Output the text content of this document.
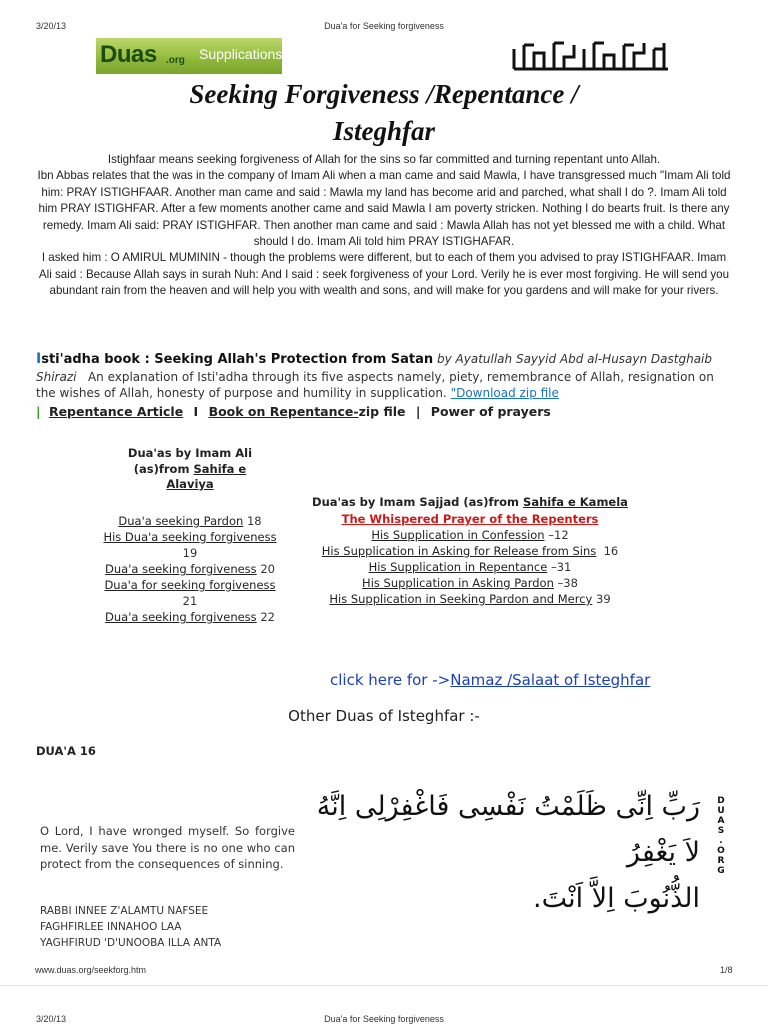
3/20/13	Dua'a for Seeking forgiveness
Duas .org Supplications
Seeking Forgiveness /Repentance /
Isteghfar

Istighfaar means seeking forgiveness of Allah for the sins so far committed and turning repentant unto Allah.

Ibn Abbas relates that the was in the company of Imam Ali when a man came and said Mawla, I have transgressed much "Imam Ali told him: PRAY ISTIGHFAAR. Another man came and said : Mawla my land has become arid and parched, what shall I do ?. Imam Ali told him PRAY ISTIGHFAR. After a few moments another came and said Mawla I am poverty stricken. Nothing I do bearts fruit. Is there any remedy. Imam Ali said: PRAY ISTIGHFAR. Then another man came and said : Mawla Allah has not yet blessed me with a child. What should I do. Imam Ali told him PRAY ISTIGHAFAR.

I asked him : O AMIRUL MUMININ - though the problems were different, but to each of them you advised to pray ISTIGHFAAR. Imam Ali said : Because Allah says in surah Nuh: And I said : seek forgiveness of your Lord. Verily he is ever most forgiving. He will send you abundant rain from the heaven and will help you with wealth and sons, and will make for you gardens and will make for your rivers.

Isti'adha book : Seeking Allah's Protection from Satan by Ayatullah Sayyid Abd al-Husayn Dastghaib Shirazi An explanation of Isti'adha through its five aspects namely, piety, remembrance of Allah, resignation on the wishes of Allah, honesty of purpose and humility in supplication. "Download zip file
| Repentance Article I Book on Repentance-zip file | Power of prayers
Dua'as by Imam Ali (as)from Sahifa e Alaviya
Dua'a seeking Pardon 18
His Dua'a seeking forgiveness 19
Dua'a seeking forgiveness 20
Dua'a for seeking forgiveness 21
Dua'a seeking forgiveness 22
Dua'as by Imam Sajjad (as)from Sahifa e Kamela
The Whispered Prayer of the Repenters
His Supplication in Confession –12
His Supplication in Asking for Release from Sins 16
His Supplication in Repentance –31
His Supplication in Asking Pardon –38
His Supplication in Seeking Pardon and Mercy 39
click here for ->Namaz /Salaat of Isteghfar
Other Duas of Isteghfar :-
DUA'A 16
رَبِّ اِنِّى ظَلَمْتُ نَفْسِى فَاغْفِرْلِى اِنَّهُ لاَ يَغْفِرُ
الذُّنُوبَ اِلاَّ اَنْتَ.
D
U
A
S
.
O
R
G
O Lord, I have wronged myself. So forgive me. Verily save You there is no one who can protect from the consequences of sinning.
RABBI INNEE Z'ALAMTU NAFSEE
FAGHFIRLEE INNAHOO LAA
YAGHFIRUD 'D'UNOOBA ILLA ANTA
www.duas.org/seekforg.htm	1/8
3/20/13	Dua'a for Seeking forgiveness
